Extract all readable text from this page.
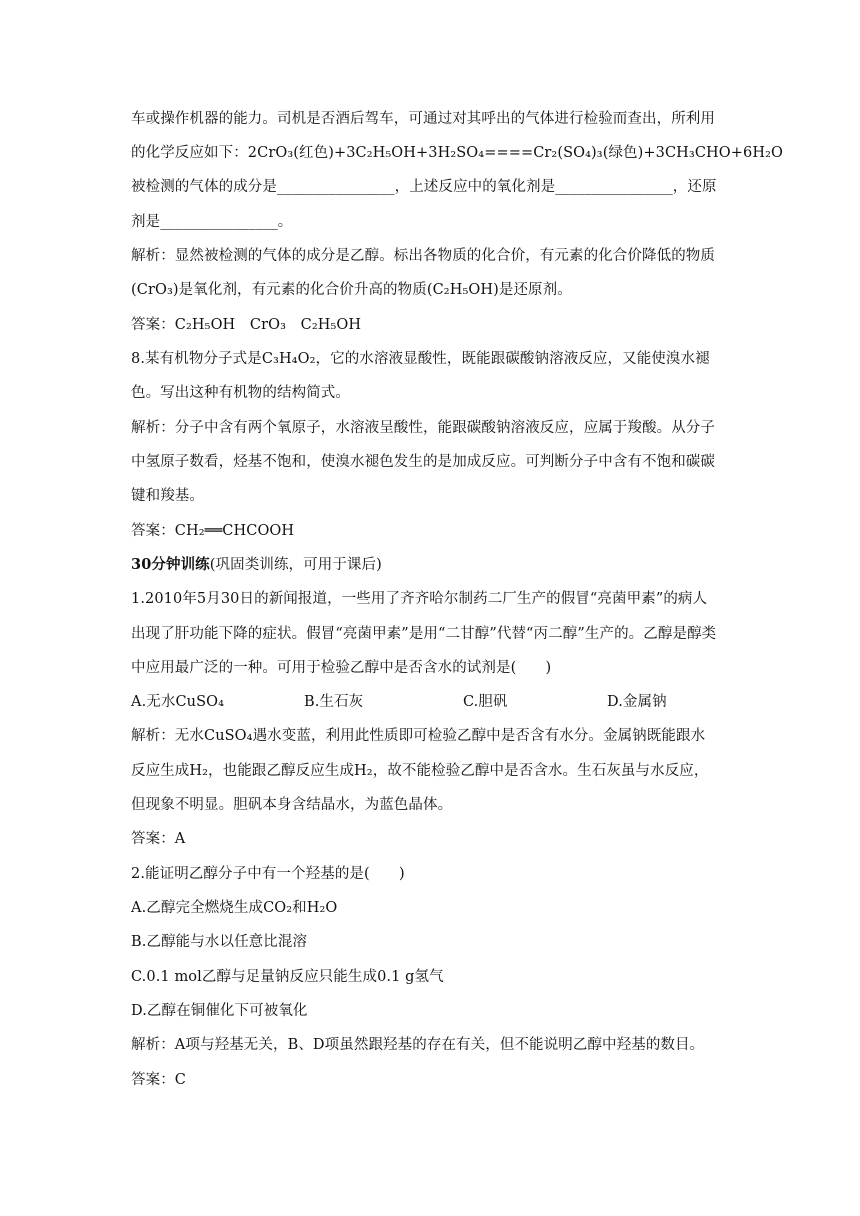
车或操作机器的能力。司机是否酒后驾车，可通过对其呼出的气体进行检验而查出，所利用
的化学反应如下：2CrO₃(红色)+3C₂H₅OH+3H₂SO₄====Cr₂(SO₄)₃(绿色)+3CH₃CHO+6H₂O
被检测的气体的成分是________________，上述反应中的氧化剂是________________，还原
剂是________________。
解析：显然被检测的气体的成分是乙醇。标出各物质的化合价，有元素的化合价降低的物质
(CrO₃)是氧化剂，有元素的化合价升高的物质(C₂H₅OH)是还原剂。
答案：C₂H₅OH　CrO₃　C₂H₅OH
8.某有机物分子式是C₃H₄O₂，它的水溶液显酸性，既能跟碳酸钠溶液反应，又能使溴水褪
色。写出这种有机物的结构简式。
解析：分子中含有两个氧原子，水溶液呈酸性，能跟碳酸钠溶液反应，应属于羧酸。从分子
中氢原子数看，烃基不饱和，使溴水褪色发生的是加成反应。可判断分子中含有不饱和碳碳
键和羧基。
答案：CH₂══CHCOOH
30分钟训练(巩固类训练，可用于课后)
1.2010年5月30日的新闻报道，一些用了齐齐哈尔制药二厂生产的假冒“亮菌甲素”的病人
出现了肝功能下降的症状。假冒“亮菌甲素”是用“二甘醇”代替“丙二醇”生产的。乙醇是醇类
中应用最广泛的一种。可用于检验乙醇中是否含水的试剂是(　　)
A.无水CuSO₄	B.生石灰	C.胆矾	D.金属钠
解析：无水CuSO₄遇水变蓝，利用此性质即可检验乙醇中是否含有水分。金属钠既能跟水
反应生成H₂，也能跟乙醇反应生成H₂，故不能检验乙醇中是否含水。生石灰虽与水反应，
但现象不明显。胆矾本身含结晶水，为蓝色晶体。
答案：A
2.能证明乙醇分子中有一个羟基的是(　　)
A.乙醇完全燃烧生成CO₂和H₂O
B.乙醇能与水以任意比混溶
C.0.1 mol乙醇与足量钠反应只能生成0.1 g氢气
D.乙醇在铜催化下可被氧化
解析：A项与羟基无关，B、D项虽然跟羟基的存在有关，但不能说明乙醇中羟基的数目。
答案：C
